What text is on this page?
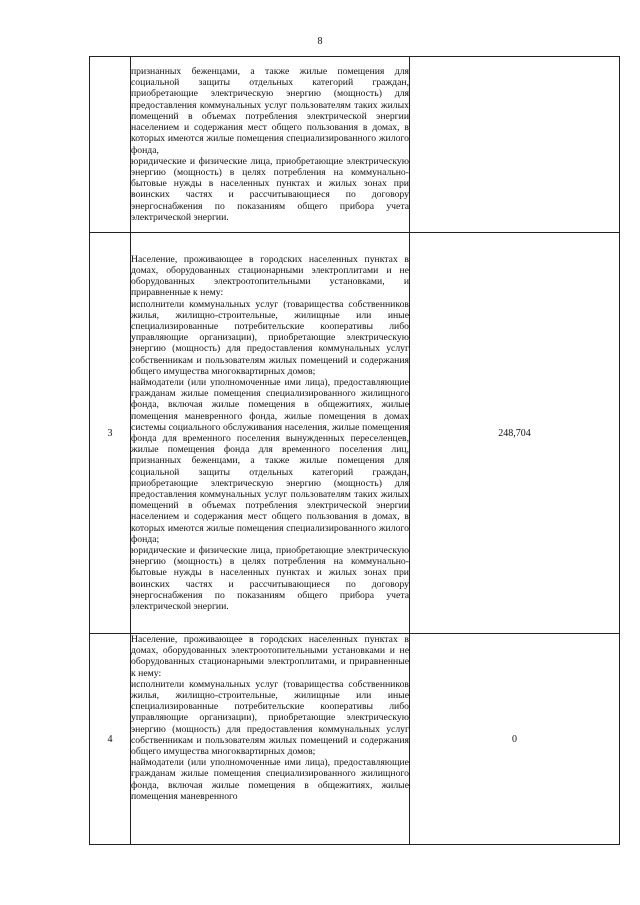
8

	признанных беженцами, а также жилые помещения для социальной защиты отдельных категорий граждан, приобретающие электрическую энергию (мощность) для предоставления коммунальных услуг пользователям таких жилых помещений в объемах потребления электрической энергии населением и содержания мест общего пользования в домах, в которых имеются жилые помещения специализированного жилого фонда,

юридические и физические лица, приобретающие электрическую энергию (мощность) в целях потребления на коммунально-бытовые нужды в населенных пунктах и жилых зонах при воинских частях и рассчитывающиеся по договору энергоснабжения по показаниям общего прибора учета электрической энергии.	

3	Население, проживающее в городских населенных пунктах в домах, оборудованных стационарными электроплитами и не оборудованных электроотопительными установками, и приравненные к нему:

исполнители коммунальных услуг (товарищества собственников жилья, жилищно-строительные, жилищные или иные специализированные потребительские кооперативы либо управляющие организации), приобретающие электрическую энергию (мощность) для предоставления коммунальных услуг собственникам и пользователям жилых помещений и содержания общего имущества многоквартирных домов;

наймодатели (или уполномоченные ими лица), предоставляющие гражданам жилые помещения специализированного жилищного фонда, включая жилые помещения в общежитиях, жилые помещения маневренного фонда, жилые помещения в домах системы социального обслуживания населения, жилые помещения фонда для временного поселения вынужденных переселенцев, жилые помещения фонда для временного поселения лиц, признанных беженцами, а также жилые помещения для социальной защиты отдельных категорий граждан, приобретающие электрическую энергию (мощность) для предоставления коммунальных услуг пользователям таких жилых помещений в объемах потребления электрической энергии населением и содержания мест общего пользования в домах, в которых имеются жилые помещения специализированного жилого фонда;

юридические и физические лица, приобретающие электрическую энергию (мощность) в целях потребления на коммунально-бытовые нужды в населенных пунктах и жилых зонах при воинских частях и рассчитывающиеся по договору энергоснабжения по показаниям общего прибора учета электрической энергии.	248,704
4	Население, проживающее в городских населенных пунктах в домах, оборудованных электроотопительными установками и не оборудованных стационарными электроплитами, и приравненные к нему:

исполнители коммунальных услуг (товарищества собственников жилья, жилищно-строительные, жилищные или иные специализированные потребительские кооперативы либо управляющие организации), приобретающие электрическую энергию (мощность) для предоставления коммунальных услуг собственникам и пользователям жилых помещений и содержания общего имущества многоквартирных домов;

наймодатели (или уполномоченные ими лица), предоставляющие гражданам жилые помещения специализированного жилищного фонда, включая жилые помещения в общежитиях, жилые помещения маневренного	0
